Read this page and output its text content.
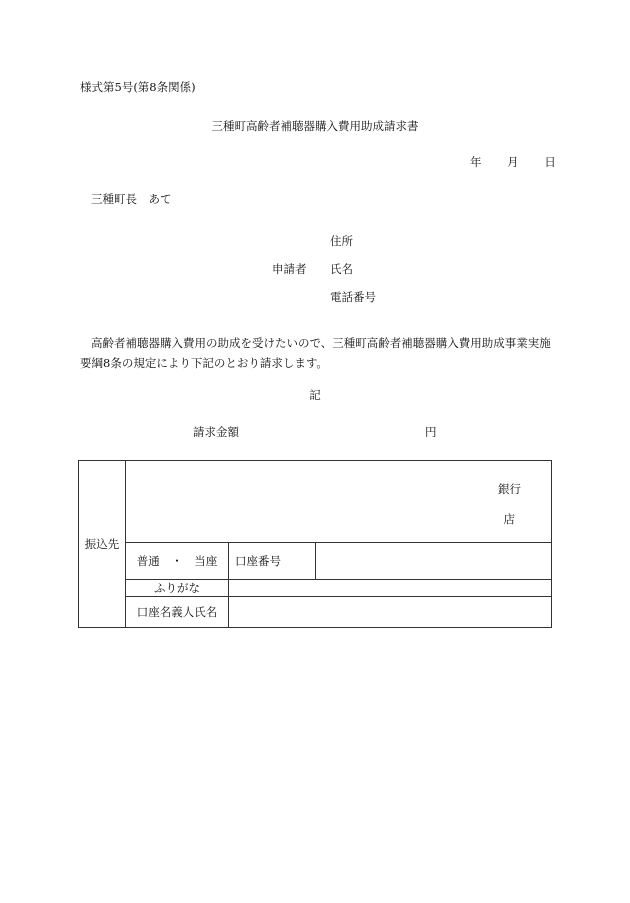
様式第5号(第8条関係)
三種町高齢者補聴器購入費用助成請求書
年 月 日
三種町長　あて
住所
申請者 氏名
電話番号
高齢者補聴器購入費用の助成を受けたいので、三種町高齢者補聴器購入費用助成事業実施要綱8条の規定により下記のとおり請求します。
記
請求金額	円
振込先	銀行
店		

	普通　・　当座	口座番号	
	ふりがな		
	口座名義人氏名		
